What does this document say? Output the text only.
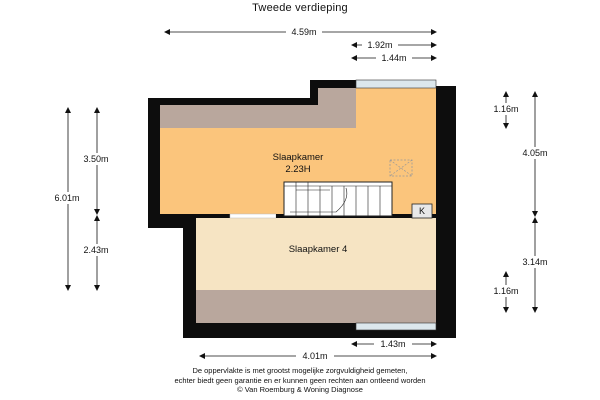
Tweede verdieping
K
Slaapkamer
2.23H
Slaapkamer 4
4.59m
1.92m
1.44m
6.01m
3.50m
2.43m
1.16m
4.05m
3.14m
1.16m
1.43m
4.01m
De oppervlakte is met grootst mogelijke zorgvuldigheid gemeten,
echter biedt geen garantie en er kunnen geen rechten aan ontleend worden
© Van Roemburg & Woning Diagnose
